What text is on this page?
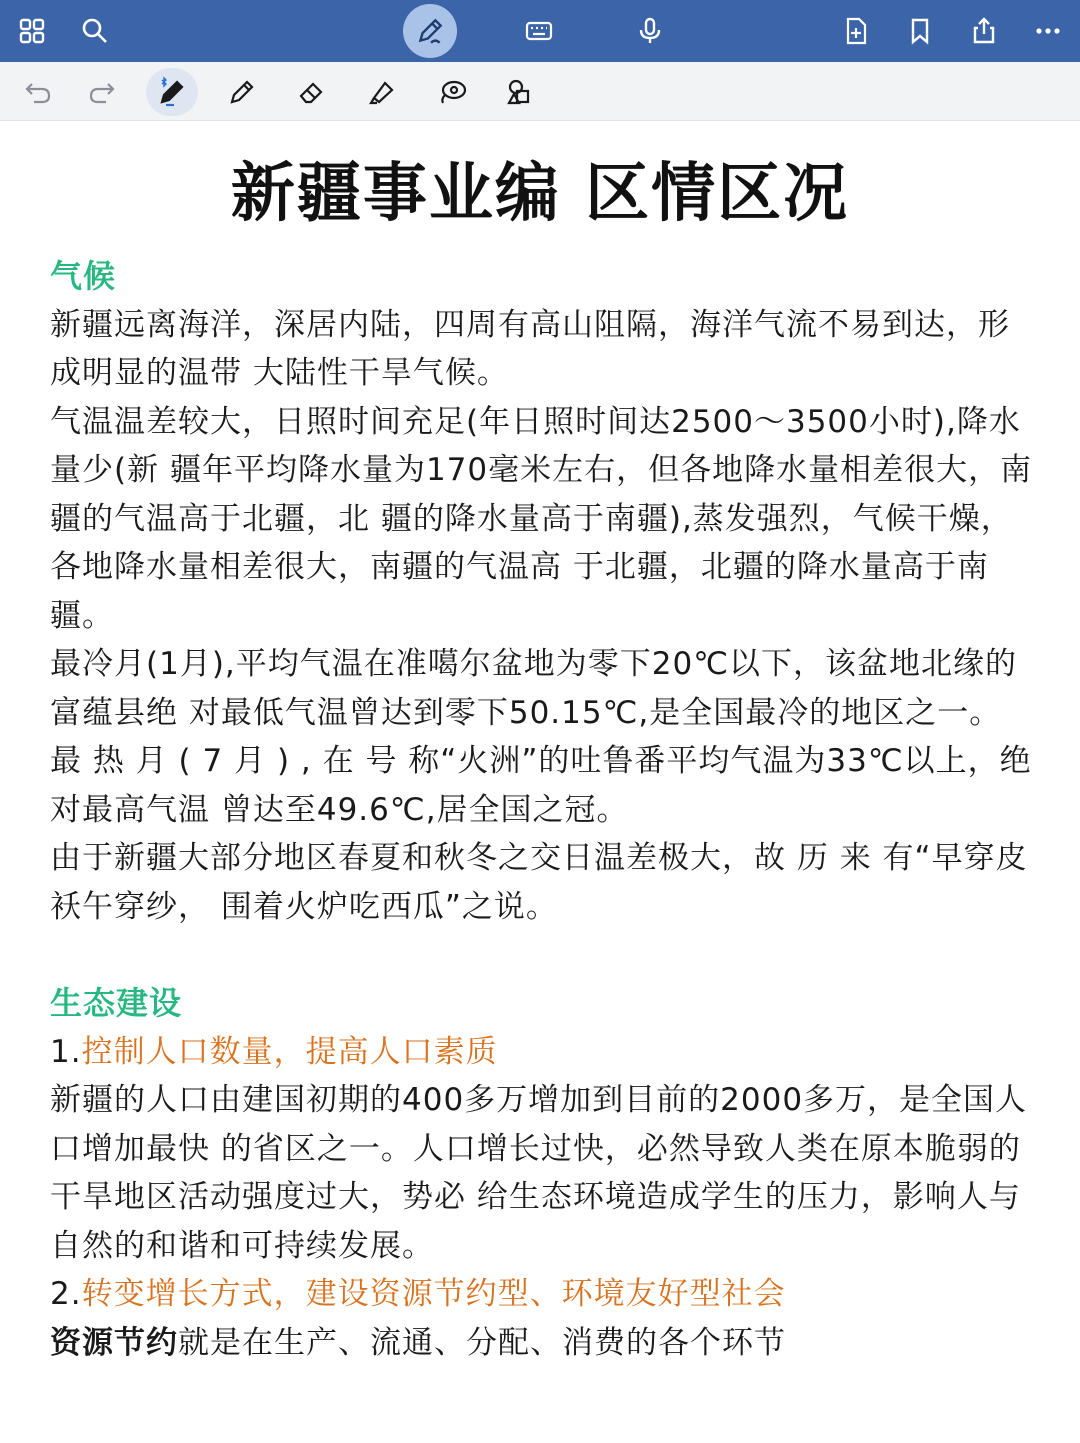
新疆事业编 区情区况

气候

新疆远离海洋，深居内陆，四周有高山阻隔，海洋气流不易到达，形成明显的温带 大陆性干旱气候。

气温温差较大，日照时间充足(年日照时间达2500～3500小时),降水量少(新 疆年平均降水量为170毫米左右，但各地降水量相差很大，南疆的气温高于北疆，北 疆的降水量高于南疆),蒸发强烈，气候干燥，各地降水量相差很大，南疆的气温高 于北疆，北疆的降水量高于南疆。

最冷月(1月),平均气温在准噶尔盆地为零下20℃以下，该盆地北缘的富蕴县绝 对最低气温曾达到零下50.15℃,是全国最冷的地区之一。

最 热 月 ( 7 月 ) , 在 号 称“火洲”的吐鲁番平均气温为33℃以上，绝对最高气温 曾达至49.6℃,居全国之冠。

由于新疆大部分地区春夏和秋冬之交日温差极大，故 历 来 有“早穿皮袄午穿纱， 围着火炉吃西瓜”之说。

生态建设

1.控制人口数量，提高人口素质

新疆的人口由建国初期的400多万增加到目前的2000多万，是全国人口增加最快 的省区之一。人口增长过快，必然导致人类在原本脆弱的干旱地区活动强度过大，势必 给生态环境造成学生的压力，影响人与自然的和谐和可持续发展。

2.转变增长方式，建设资源节约型、环境友好型社会

资源节约就是在生产、流通、分配、消费的各个环节
